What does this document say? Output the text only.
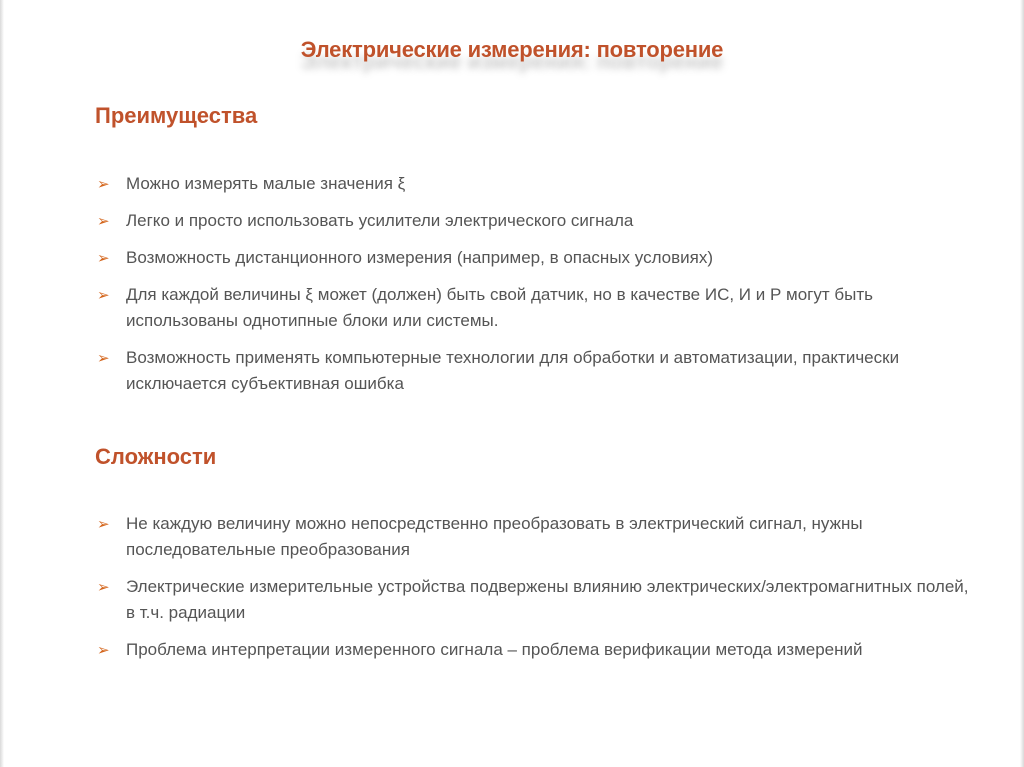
Электрические измерения: повторение
Преимущества
➢ Можно измерять малые значения ξ
➢ Легко и просто использовать усилители электрического сигнала
➢ Возможность дистанционного измерения (например, в опасных условиях)
➢ Для каждой величины ξ может (должен) быть свой датчик, но в качестве ИС, И и Р могут быть использованы однотипные блоки или системы.
➢ Возможность применять компьютерные технологии для обработки и автоматизации, практически исключается субъективная ошибка
Сложности
➢ Не каждую величину можно непосредственно преобразовать в электрический сигнал, нужны последовательные преобразования
➢ Электрические измерительные устройства подвержены влиянию электрических/электромагнитных полей, в т.ч. радиации
➢ Проблема интерпретации измеренного сигнала – проблема верификации метода измерений
